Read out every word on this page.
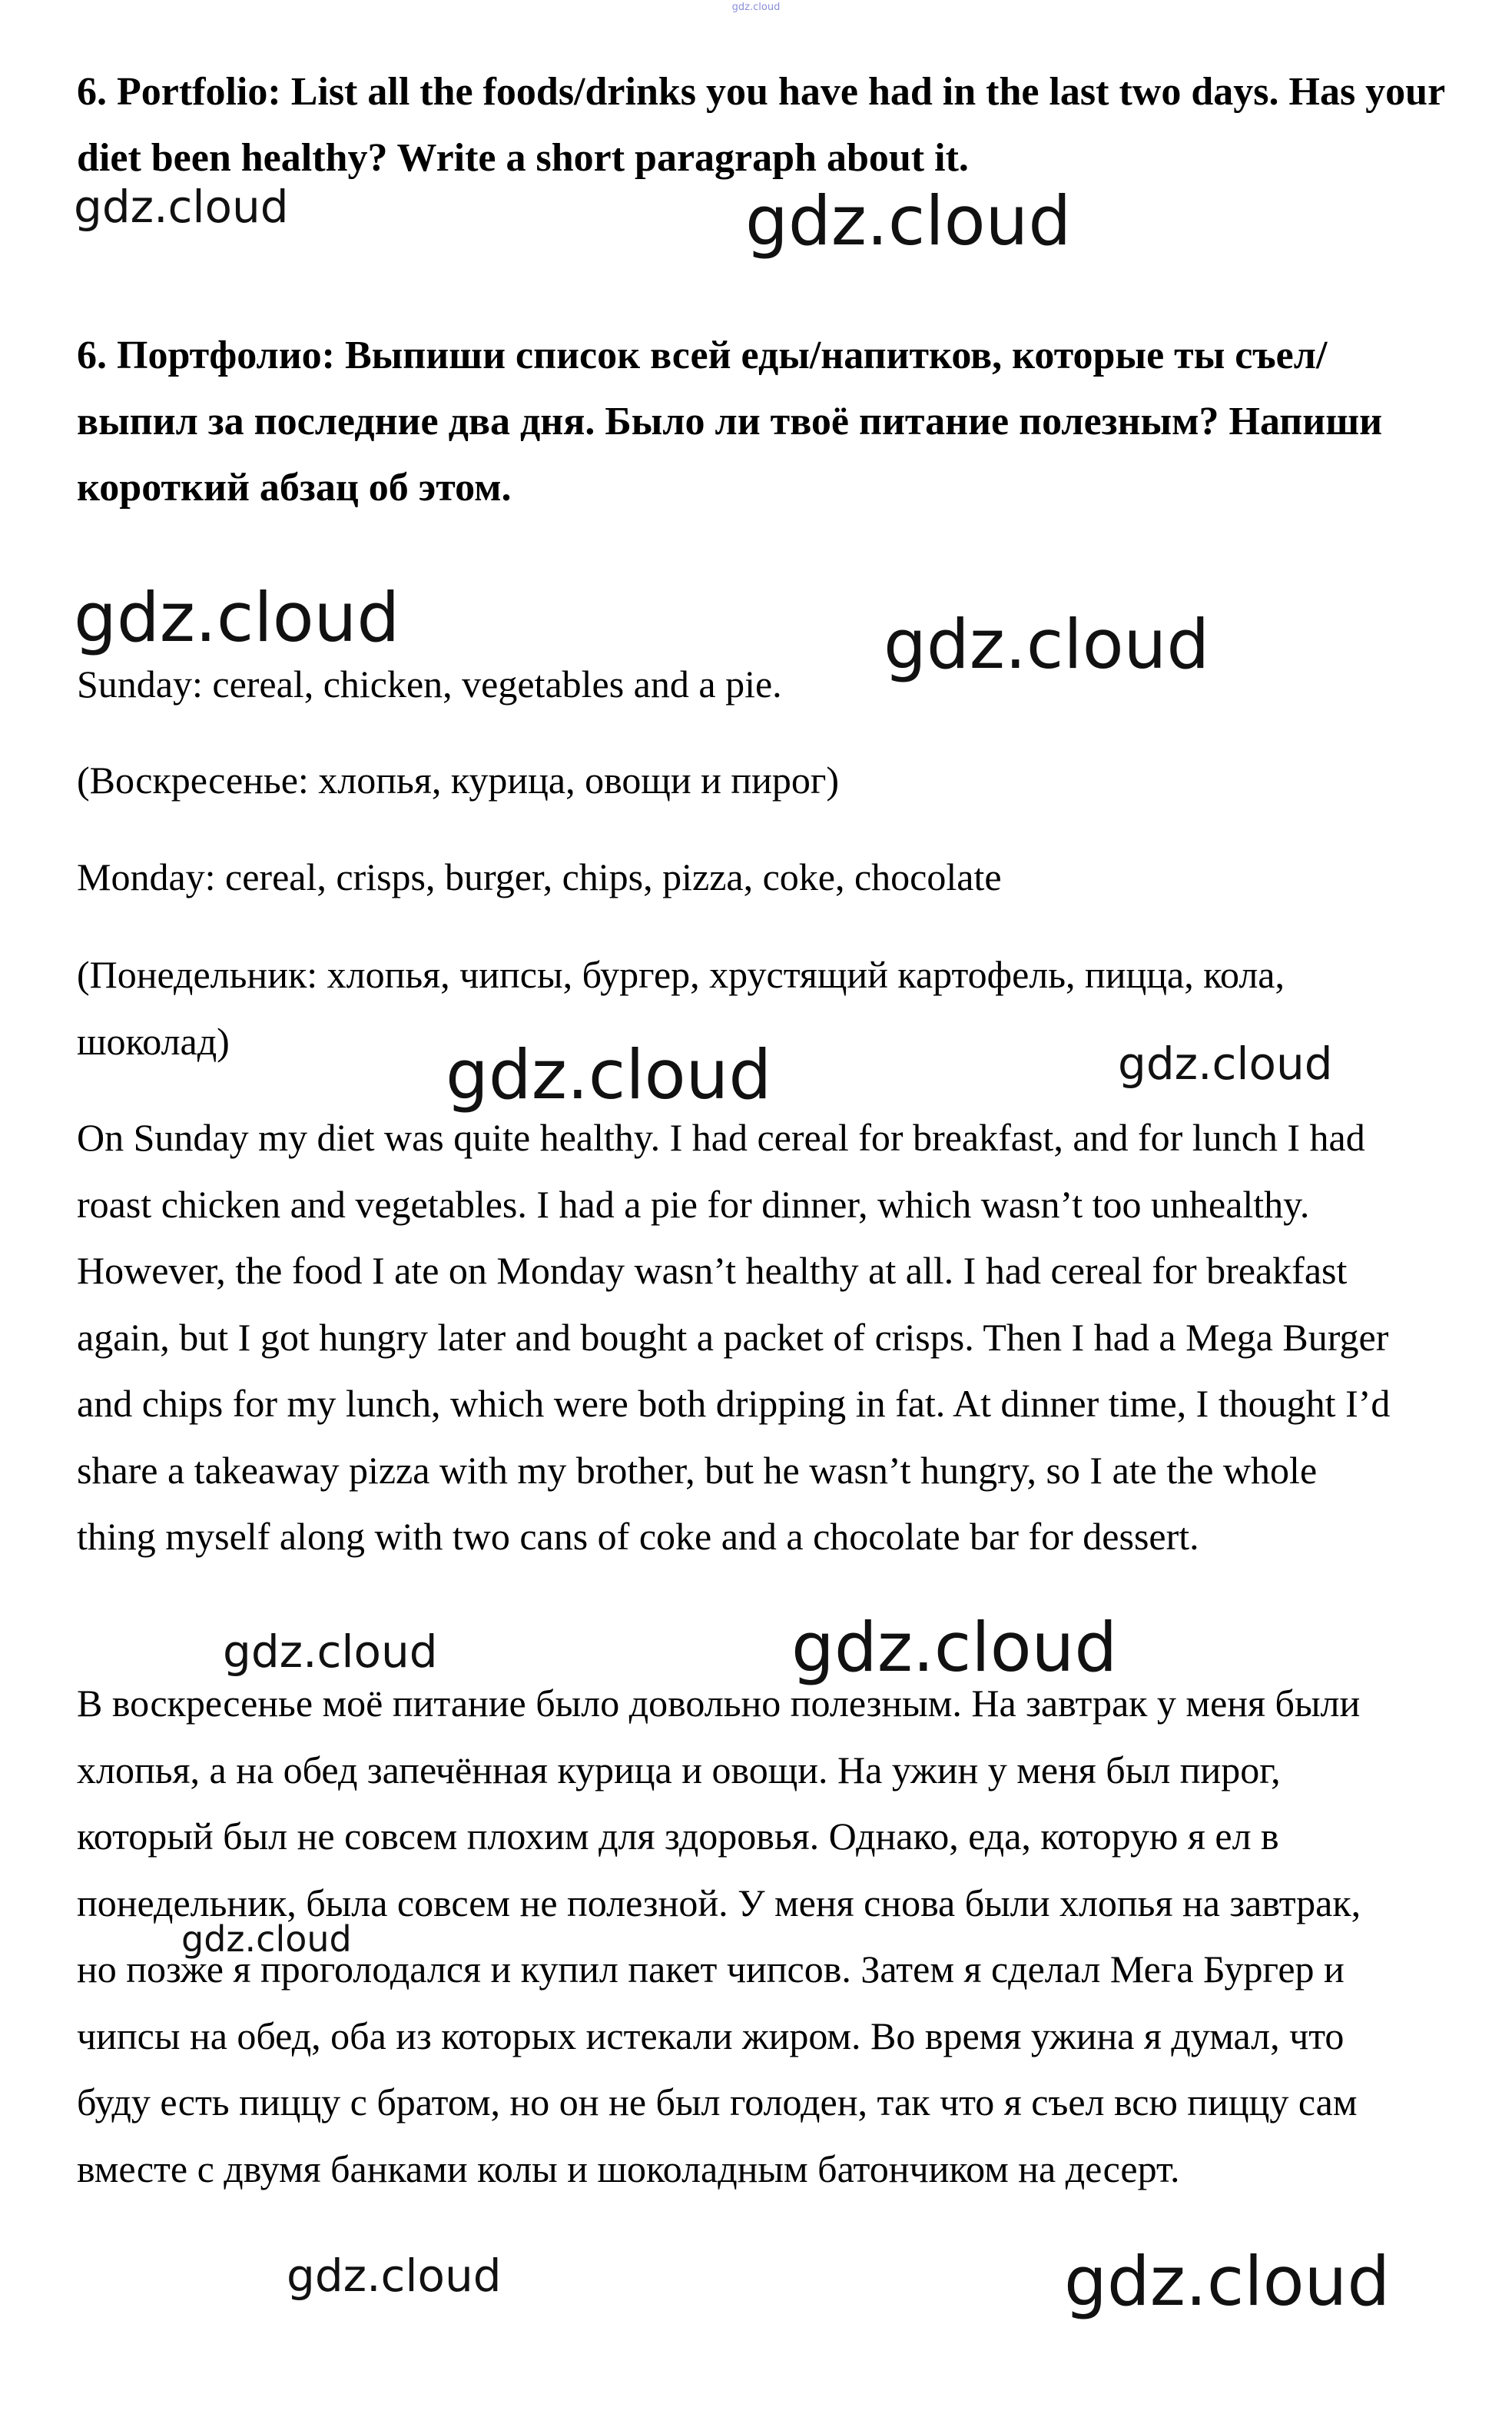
gdz.cloud

6. Portfolio: List all the foods/drinks you have had in the last two days. Has your diet been healthy? Write a short paragraph about it.

6. Портфолио: Выпиши список всей еды/напитков, которые ты съел/выпил за последние два дня. Было ли твоё питание полезным? Напиши короткий абзац об этом.

Sunday: cereal, chicken, vegetables and a pie.

(Воскресенье: хлопья, курица, овощи и пирог)

Monday: cereal, crisps, burger, chips, pizza, coke, chocolate

(Понедельник: хлопья, чипсы, бургер, хрустящий картофель, пицца, кола, шоколад)

On Sunday my diet was quite healthy. I had cereal for breakfast, and for lunch I had roast chicken and vegetables. I had a pie for dinner, which wasn’t too unhealthy. However, the food I ate on Monday wasn’t healthy at all. I had cereal for breakfast again, but I got hungry later and bought a packet of crisps. Then I had a Mega Burger and chips for my lunch, which were both dripping in fat. At dinner time, I thought I’d share a takeaway pizza with my brother, but he wasn’t hungry, so I ate the whole thing myself along with two cans of coke and a chocolate bar for dessert.

В воскресенье моё питание было довольно полезным. На завтрак у меня были хлопья, а на обед запечённая курица и овощи. На ужин у меня был пирог, который был не совсем плохим для здоровья. Однако, еда, которую я ел в понедельник, была совсем не полезной. У меня снова были хлопья на завтрак, но позже я проголодался и купил пакет чипсов. Затем я сделал Мега Бургер и чипсы на обед, оба из которых истекали жиром. Во время ужина я думал, что буду есть пиццу с братом, но он не был голоден, так что я съел всю пиццу сам вместе с двумя банками колы и шоколадным батончиком на десерт.

gdz.cloud	gdz.cloud
gdz.cloud	gdz.cloud
gdz.cloud	gdz.cloud
gdz.cloud	gdz.cloud
gdz.cloud
gdz.cloud	gdz.cloud
